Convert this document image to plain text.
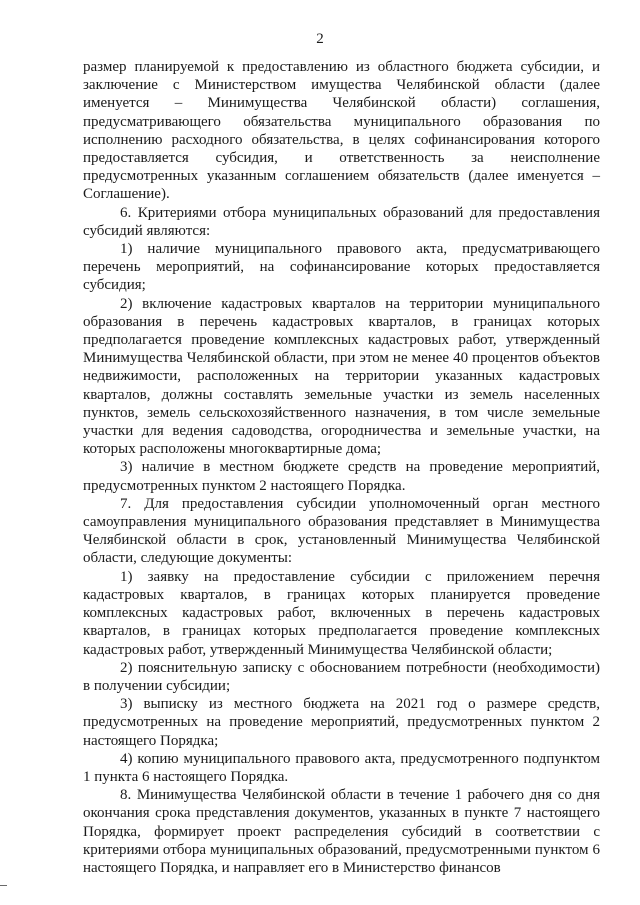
2

размер планируемой к предоставлению из областного бюджета субсидии, и заключение с Министерством имущества Челябинской области (далее именуется – Минимущества Челябинской области) соглашения, предусматривающего обязательства муниципального образования по исполнению расходного обязательства, в целях софинансирования которого предоставляется субсидия, и ответственность за неисполнение предусмотренных указанным соглашением обязательств (далее именуется – Соглашение).

6. Критериями отбора муниципальных образований для предоставления субсидий являются:

1) наличие муниципального правового акта, предусматривающего перечень мероприятий, на софинансирование которых предоставляется субсидия;

2) включение кадастровых кварталов на территории муниципального образования в перечень кадастровых кварталов, в границах которых предполагается проведение комплексных кадастровых работ, утвержденный Минимущества Челябинской области, при этом не менее 40 процентов объектов недвижимости, расположенных на территории указанных кадастровых кварталов, должны составлять земельные участки из земель населенных пунктов, земель сельскохозяйственного назначения, в том числе земельные участки для ведения садоводства, огородничества и земельные участки, на которых расположены многоквартирные дома;

3) наличие в местном бюджете средств на проведение мероприятий, предусмотренных пунктом 2 настоящего Порядка.

7. Для предоставления субсидии уполномоченный орган местного самоуправления муниципального образования представляет в Минимущества Челябинской области в срок, установленный Минимущества Челябинской области, следующие документы:

1) заявку на предоставление субсидии с приложением перечня кадастровых кварталов, в границах которых планируется проведение комплексных кадастровых работ, включенных в перечень кадастровых кварталов, в границах которых предполагается проведение комплексных кадастровых работ, утвержденный Минимущества Челябинской области;

2) пояснительную записку с обоснованием потребности (необходимости) в получении субсидии;

3) выписку из местного бюджета на 2021 год о размере средств, предусмотренных на проведение мероприятий, предусмотренных пунктом 2 настоящего Порядка;

4) копию муниципального правового акта, предусмотренного подпунктом 1 пункта 6 настоящего Порядка.

8. Минимущества Челябинской области в течение 1 рабочего дня со дня окончания срока представления документов, указанных в пункте 7 настоящего Порядка, формирует проект распределения субсидий в соответствии с критериями отбора муниципальных образований, предусмотренными пунктом 6 настоящего Порядка, и направляет его в Министерство финансов
